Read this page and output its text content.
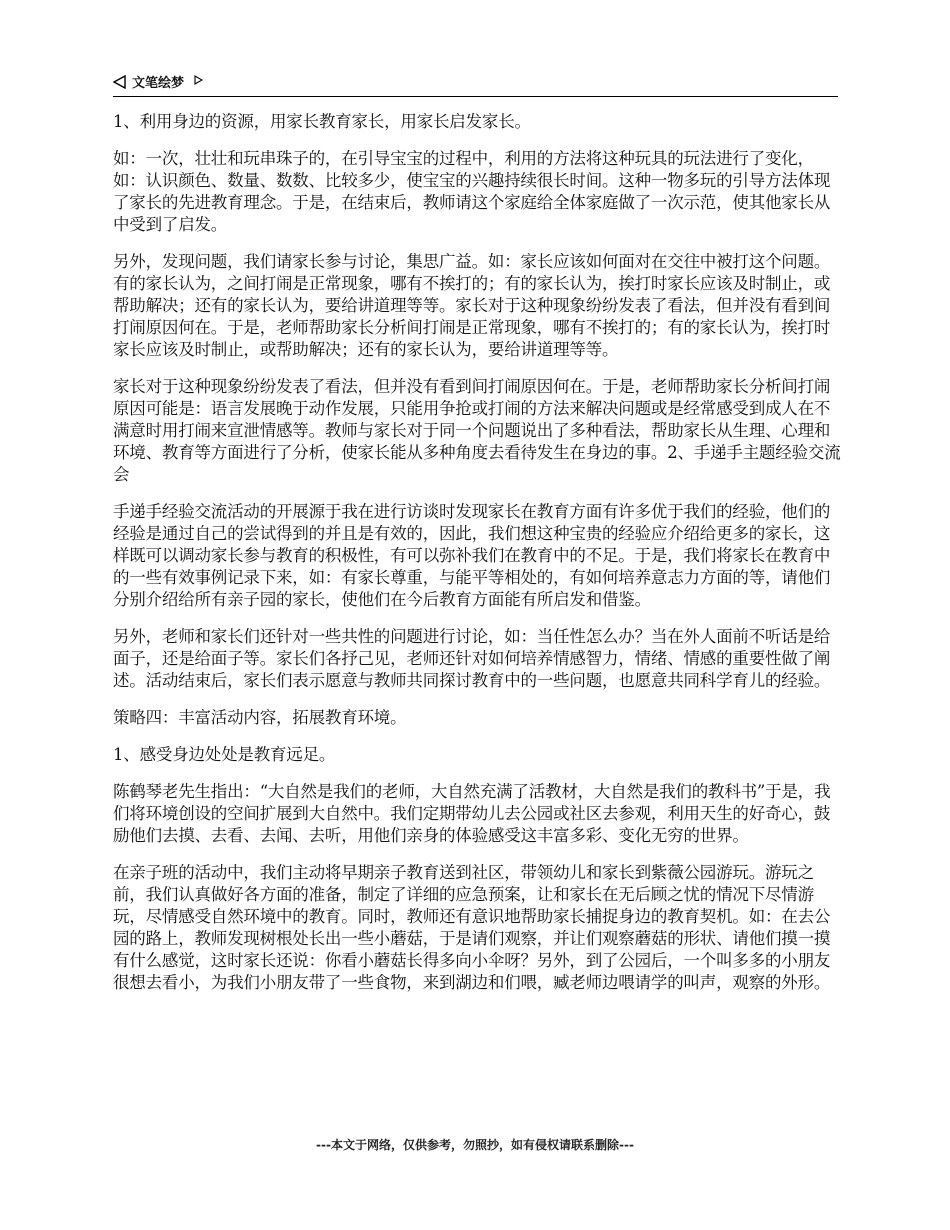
文笔绘梦

1、利用身边的资源，用家长教育家长，用家长启发家长。

如：一次，壮壮和玩串珠子的，在引导宝宝的过程中，利用的方法将这种玩具的玩法进行了变化，如：认识颜色、数量、数数、比较多少，使宝宝的兴趣持续很长时间。这种一物多玩的引导方法体现了家长的先进教育理念。于是，在结束后，教师请这个家庭给全体家庭做了一次示范，使其他家长从中受到了启发。

另外，发现问题，我们请家长参与讨论，集思广益。如：家长应该如何面对在交往中被打这个问题。有的家长认为，之间打闹是正常现象，哪有不挨打的；有的家长认为，挨打时家长应该及时制止，或帮助解决；还有的家长认为，要给讲道理等等。家长对于这种现象纷纷发表了看法，但并没有看到间打闹原因何在。于是，老师帮助家长分析间打闹是正常现象，哪有不挨打的；有的家长认为，挨打时家长应该及时制止，或帮助解决；还有的家长认为，要给讲道理等等。

家长对于这种现象纷纷发表了看法，但并没有看到间打闹原因何在。于是，老师帮助家长分析间打闹原因可能是：语言发展晚于动作发展，只能用争抢或打闹的方法来解决问题或是经常感受到成人在不满意时用打闹来宣泄情感等。教师与家长对于同一个问题说出了多种看法，帮助家长从生理、心理和环境、教育等方面进行了分析，使家长能从多种角度去看待发生在身边的事。2、手递手主题经验交流会

手递手经验交流活动的开展源于我在进行访谈时发现家长在教育方面有许多优于我们的经验，他们的经验是通过自己的尝试得到的并且是有效的，因此，我们想这种宝贵的经验应介绍给更多的家长，这样既可以调动家长参与教育的积极性，有可以弥补我们在教育中的不足。于是，我们将家长在教育中的一些有效事例记录下来，如：有家长尊重，与能平等相处的，有如何培养意志力方面的等，请他们分别介绍给所有亲子园的家长，使他们在今后教育方面能有所启发和借鉴。

另外，老师和家长们还针对一些共性的问题进行讨论，如：当任性怎么办？当在外人面前不听话是给面子，还是给面子等。家长们各抒己见，老师还针对如何培养情感智力，情绪、情感的重要性做了阐述。活动结束后，家长们表示愿意与教师共同探讨教育中的一些问题，也愿意共同科学育儿的经验。

策略四：丰富活动内容，拓展教育环境。

1、感受身边处处是教育远足。

陈鹤琴老先生指出：“大自然是我们的老师，大自然充满了活教材，大自然是我们的教科书”于是，我们将环境创设的空间扩展到大自然中。我们定期带幼儿去公园或社区去参观，利用天生的好奇心，鼓励他们去摸、去看、去闻、去听，用他们亲身的体验感受这丰富多彩、变化无穷的世界。

在亲子班的活动中，我们主动将早期亲子教育送到社区，带领幼儿和家长到紫薇公园游玩。游玩之前，我们认真做好各方面的准备，制定了详细的应急预案，让和家长在无后顾之忧的情况下尽情游玩，尽情感受自然环境中的教育。同时，教师还有意识地帮助家长捕捉身边的教育契机。如：在去公园的路上，教师发现树根处长出一些小蘑菇，于是请们观察，并让们观察蘑菇的形状、请他们摸一摸有什么感觉，这时家长还说：你看小蘑菇长得多向小伞呀？另外，到了公园后，一个叫多多的小朋友很想去看小，为我们小朋友带了一些食物，来到湖边和们喂，臧老师边喂请学的叫声，观察的外形。

---本文于网络，仅供参考，勿照抄，如有侵权请联系删除---
